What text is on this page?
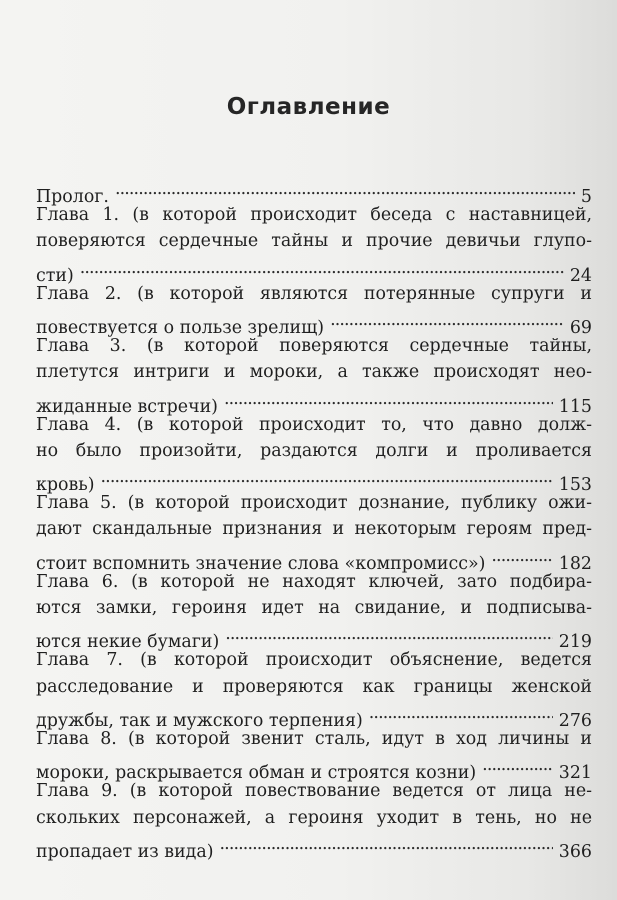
Оглавление
Пролог. . . .	5
Глава 1. (в которой происходит беседа с наставницей,
поверяются сердечные тайны и прочие девичьи глупо-
сти) . . .	24
Глава 2. (в которой являются потерянные супруги и
повествуется о пользе зрелищ) . . .	69
Глава 3. (в которой поверяются сердечные тайны,
плетутся интриги и мороки, а также происходят нео-
жиданные встречи) . . .	115
Глава 4. (в которой происходит то, что давно долж-
но было произойти, раздаются долги и проливается
кровь) . . .	153
Глава 5. (в которой происходит дознание, публику ожи-
дают скандальные признания и некоторым героям пред-
стоит вспомнить значение слова «компромисс») . . .	182
Глава 6. (в которой не находят ключей, зато подбира-
ются замки, героиня идет на свидание, и подписыва-
ются некие бумаги) . . .	219
Глава 7. (в которой происходит объяснение, ведется
расследование и проверяются как границы женской
дружбы, так и мужского терпения) . . .	276
Глава 8. (в которой звенит сталь, идут в ход личины и
мороки, раскрывается обман и строятся козни) . . .	321
Глава 9. (в которой повествование ведется от лица не-
скольких персонажей, а героиня уходит в тень, но не
пропадает из вида) . . .	366
